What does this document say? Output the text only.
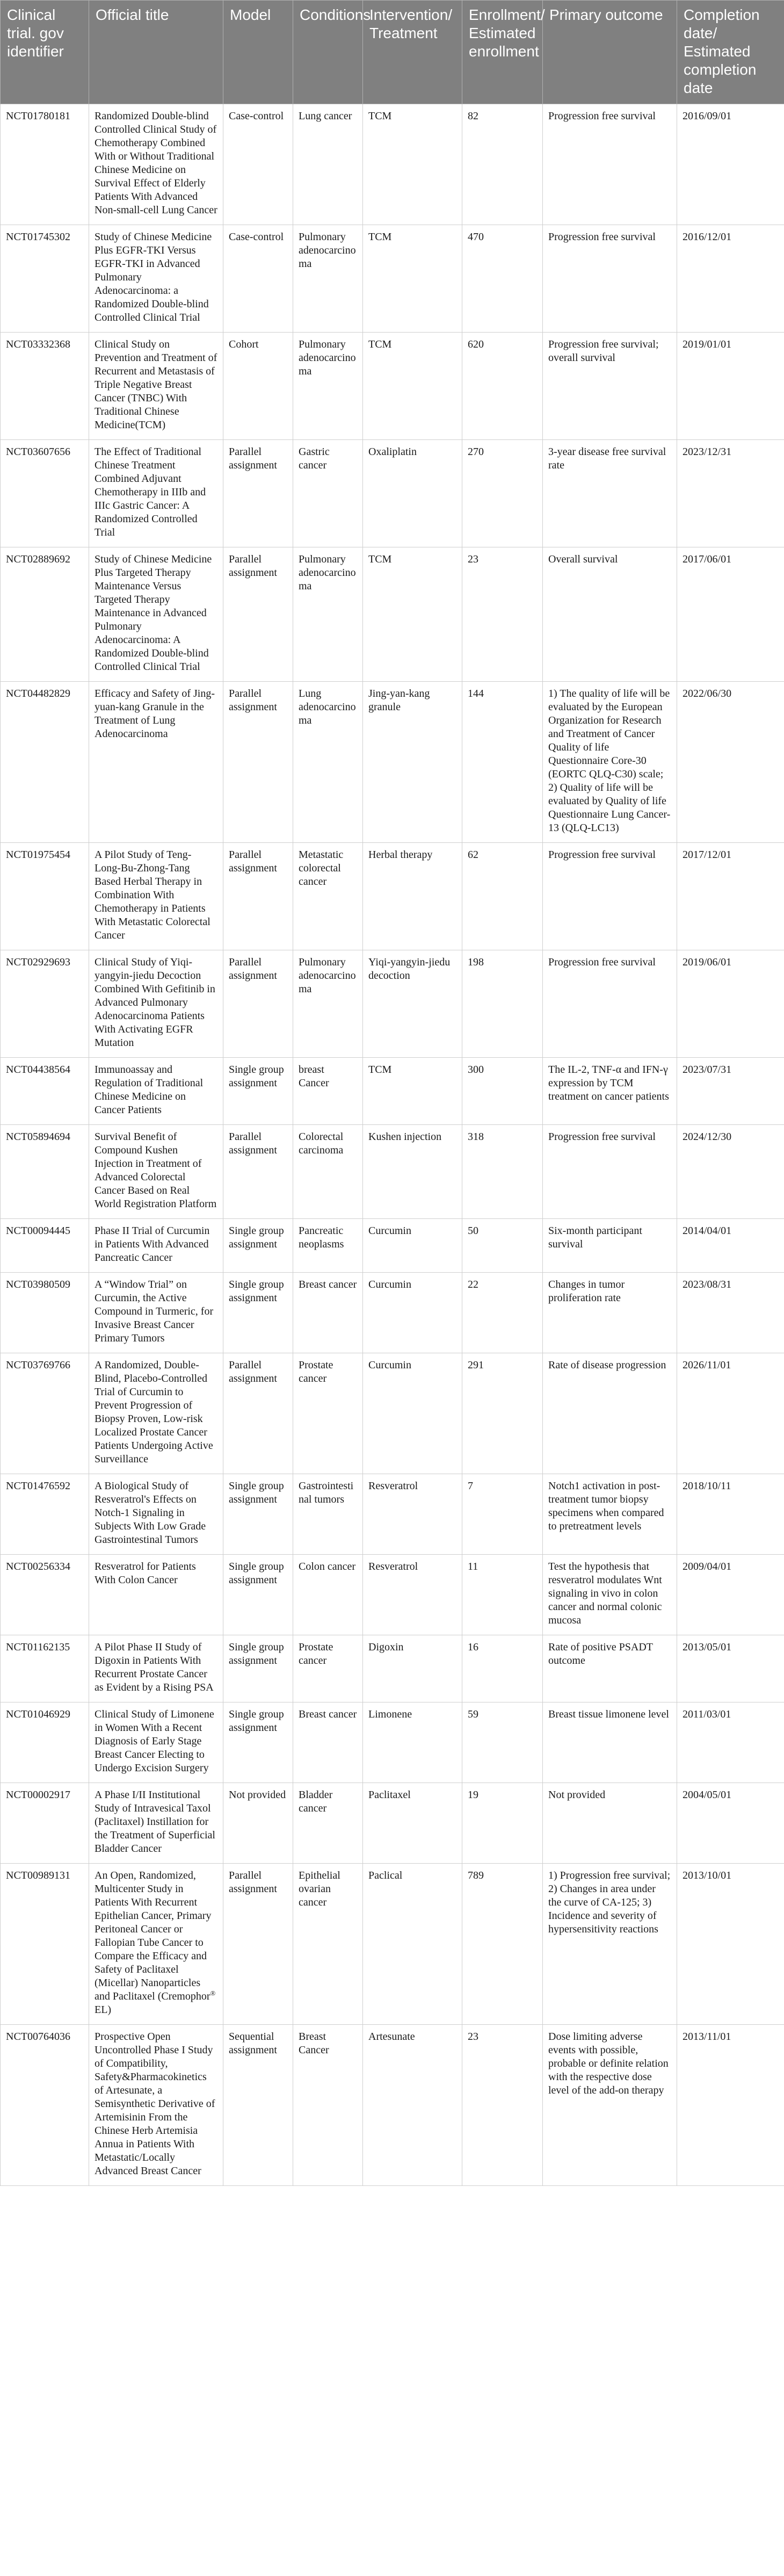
Clinical trial. gov identifier	Official title	Model	Conditions	Intervention/ Treatment	Enrollment/ Estimated enrollment	Primary outcome	Completion date/ Estimated completion date
NCT01780181	Randomized Double-blind Controlled Clinical Study of Chemotherapy Combined With or Without Traditional Chinese Medicine on Survival Effect of Elderly Patients With Advanced Non-small-cell Lung Cancer	Case-control	Lung cancer	TCM	82	Progression free survival	2016/09/01
NCT01745302	Study of Chinese Medicine Plus EGFR-TKI Versus EGFR-TKI in Advanced Pulmonary Adenocarcinoma: a Randomized Double-blind Controlled Clinical Trial	Case-control	Pulmonary adenocarcinoma	TCM	470	Progression free survival	2016/12/01
NCT03332368	Clinical Study on Prevention and Treatment of Recurrent and Metastasis of Triple Negative Breast Cancer (TNBC) With Traditional Chinese Medicine(TCM)	Cohort	Pulmonary adenocarcinoma	TCM	620	Progression free survival; overall survival	2019/01/01
NCT03607656	The Effect of Traditional Chinese Treatment Combined Adjuvant Chemotherapy in IIIb and IIIc Gastric Cancer: A Randomized Controlled Trial	Parallel assignment	Gastric cancer	Oxaliplatin	270	3-year disease free survival rate	2023/12/31
NCT02889692	Study of Chinese Medicine Plus Targeted Therapy Maintenance Versus Targeted Therapy Maintenance in Advanced Pulmonary Adenocarcinoma: A Randomized Double-blind Controlled Clinical Trial	Parallel assignment	Pulmonary adenocarcinoma	TCM	23	Overall survival	2017/06/01
NCT04482829	Efficacy and Safety of Jing-yuan-kang Granule in the Treatment of Lung Adenocarcinoma	Parallel assignment	Lung adenocarcinoma	Jing-yan-kang granule	144	1) The quality of life will be evaluated by the European Organization for Research and Treatment of Cancer Quality of life Questionnaire Core-30 (EORTC QLQ-C30) scale; 2) Quality of life will be evaluated by Quality of life Questionnaire Lung Cancer-13 (QLQ-LC13)	2022/06/30
NCT01975454	A Pilot Study of Teng-Long-Bu-Zhong-Tang Based Herbal Therapy in Combination With Chemotherapy in Patients With Metastatic Colorectal Cancer	Parallel assignment	Metastatic colorectal cancer	Herbal therapy	62	Progression free survival	2017/12/01
NCT02929693	Clinical Study of Yiqi-yangyin-jiedu Decoction Combined With Gefitinib in Advanced Pulmonary Adenocarcinoma Patients With Activating EGFR Mutation	Parallel assignment	Pulmonary adenocarcinoma	Yiqi-yangyin-jiedu decoction	198	Progression free survival	2019/06/01
NCT04438564	Immunoassay and Regulation of Traditional Chinese Medicine on Cancer Patients	Single group assignment	breast Cancer	TCM	300	The IL-2, TNF-α and IFN-γ expression by TCM treatment on cancer patients	2023/07/31
NCT05894694	Survival Benefit of Compound Kushen Injection in Treatment of Advanced Colorectal Cancer Based on Real World Registration Platform	Parallel assignment	Colorectal carcinoma	Kushen injection	318	Progression free survival	2024/12/30
NCT00094445	Phase II Trial of Curcumin in Patients With Advanced Pancreatic Cancer	Single group assignment	Pancreatic neoplasms	Curcumin	50	Six-month participant survival	2014/04/01
NCT03980509	A “Window Trial” on Curcumin, the Active Compound in Turmeric, for Invasive Breast Cancer Primary Tumors	Single group assignment	Breast cancer	Curcumin	22	Changes in tumor proliferation rate	2023/08/31
NCT03769766	A Randomized, Double-Blind, Placebo-Controlled Trial of Curcumin to Prevent Progression of Biopsy Proven, Low-risk Localized Prostate Cancer Patients Undergoing Active Surveillance	Parallel assignment	Prostate cancer	Curcumin	291	Rate of disease progression	2026/11/01
NCT01476592	A Biological Study of Resveratrol's Effects on Notch-1 Signaling in Subjects With Low Grade Gastrointestinal Tumors	Single group assignment	Gastrointestinal tumors	Resveratrol	7	Notch1 activation in post-treatment tumor biopsy specimens when compared to pretreatment levels	2018/10/11
NCT00256334	Resveratrol for Patients With Colon Cancer	Single group assignment	Colon cancer	Resveratrol	11	Test the hypothesis that resveratrol modulates Wnt signaling in vivo in colon cancer and normal colonic mucosa	2009/04/01
NCT01162135	A Pilot Phase II Study of Digoxin in Patients With Recurrent Prostate Cancer as Evident by a Rising PSA	Single group assignment	Prostate cancer	Digoxin	16	Rate of positive PSADT outcome	2013/05/01
NCT01046929	Clinical Study of Limonene in Women With a Recent Diagnosis of Early Stage Breast Cancer Electing to Undergo Excision Surgery	Single group assignment	Breast cancer	Limonene	59	Breast tissue limonene level	2011/03/01
NCT00002917	A Phase I/II Institutional Study of Intravesical Taxol (Paclitaxel) Instillation for the Treatment of Superficial Bladder Cancer	Not provided	Bladder cancer	Paclitaxel	19	Not provided	2004/05/01
NCT00989131	An Open, Randomized, Multicenter Study in Patients With Recurrent Epithelian Cancer, Primary Peritoneal Cancer or Fallopian Tube Cancer to Compare the Efficacy and Safety of Paclitaxel (Micellar) Nanoparticles and Paclitaxel (Cremophor® EL)	Parallel assignment	Epithelial ovarian cancer	Paclical	789	1) Progression free survival; 2) Changes in area under the curve of CA-125; 3) Incidence and severity of hypersensitivity reactions	2013/10/01
NCT00764036	Prospective Open Uncontrolled Phase I Study of Compatibility, Safety&Pharmacokinetics of Artesunate, a Semisynthetic Derivative of Artemisinin From the Chinese Herb Artemisia Annua in Patients With Metastatic/Locally Advanced Breast Cancer	Sequential assignment	Breast Cancer	Artesunate	23	Dose limiting adverse events with possible, probable or definite relation with the respective dose level of the add-on therapy	2013/11/01
